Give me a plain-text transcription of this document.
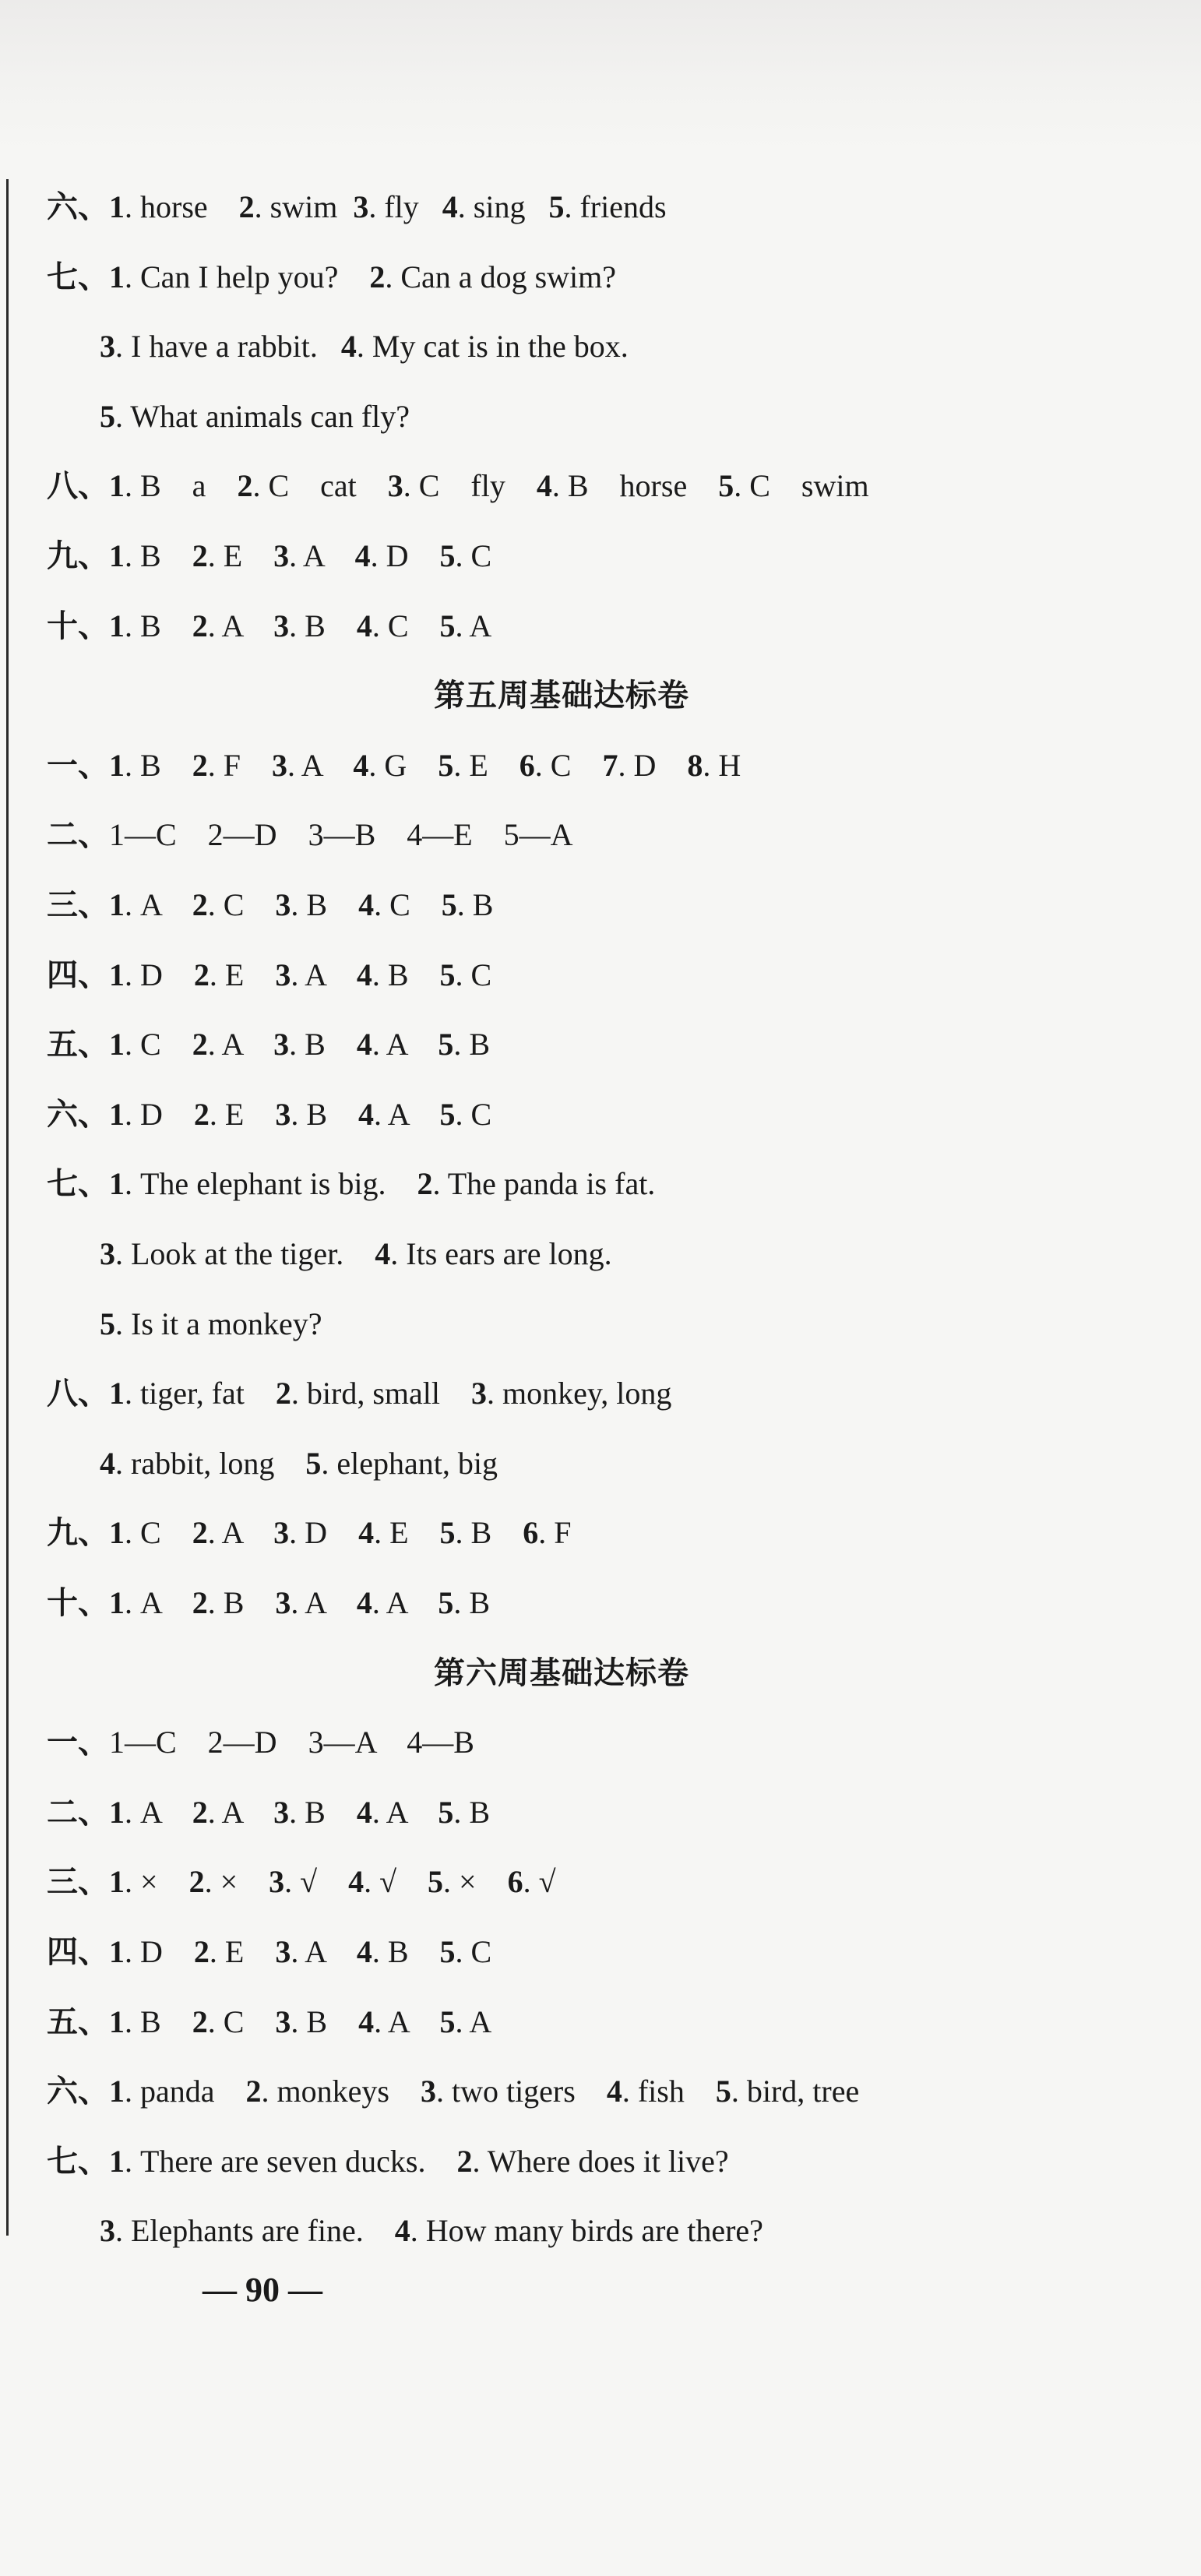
六、1. horse    2. swim  3. fly   4. sing   5. friends
七、1. Can I help you?    2. Can a dog swim?
3. I have a rabbit.   4. My cat is in the box.
5. What animals can fly?
八、1. B    a    2. C    cat    3. C    fly    4. B    horse    5. C    swim
九、1. B    2. E    3. A    4. D    5. C
十、1. B    2. A    3. B    4. C    5. A
第五周基础达标卷
一、1. B    2. F    3. A    4. G    5. E    6. C    7. D    8. H
二、1—C    2—D    3—B    4—E    5—A
三、1. A    2. C    3. B    4. C    5. B
四、1. D    2. E    3. A    4. B    5. C
五、1. C    2. A    3. B    4. A    5. B
六、1. D    2. E    3. B    4. A    5. C
七、1. The elephant is big.    2. The panda is fat.
3. Look at the tiger.    4. Its ears are long.
5. Is it a monkey?
八、1. tiger, fat    2. bird, small    3. monkey, long
4. rabbit, long    5. elephant, big
九、1. C    2. A    3. D    4. E    5. B    6. F
十、1. A    2. B    3. A    4. A    5. B
第六周基础达标卷
一、1—C    2—D    3—A    4—B
二、1. A    2. A    3. B    4. A    5. B
三、1. ×    2. ×    3. √    4. √    5. ×    6. √
四、1. D    2. E    3. A    4. B    5. C
五、1. B    2. C    3. B    4. A    5. A
六、1. panda    2. monkeys    3. two tigers    4. fish    5. bird, tree
七、1. There are seven ducks.    2. Where does it live?
3. Elephants are fine.    4. How many birds are there?
— 90 —
